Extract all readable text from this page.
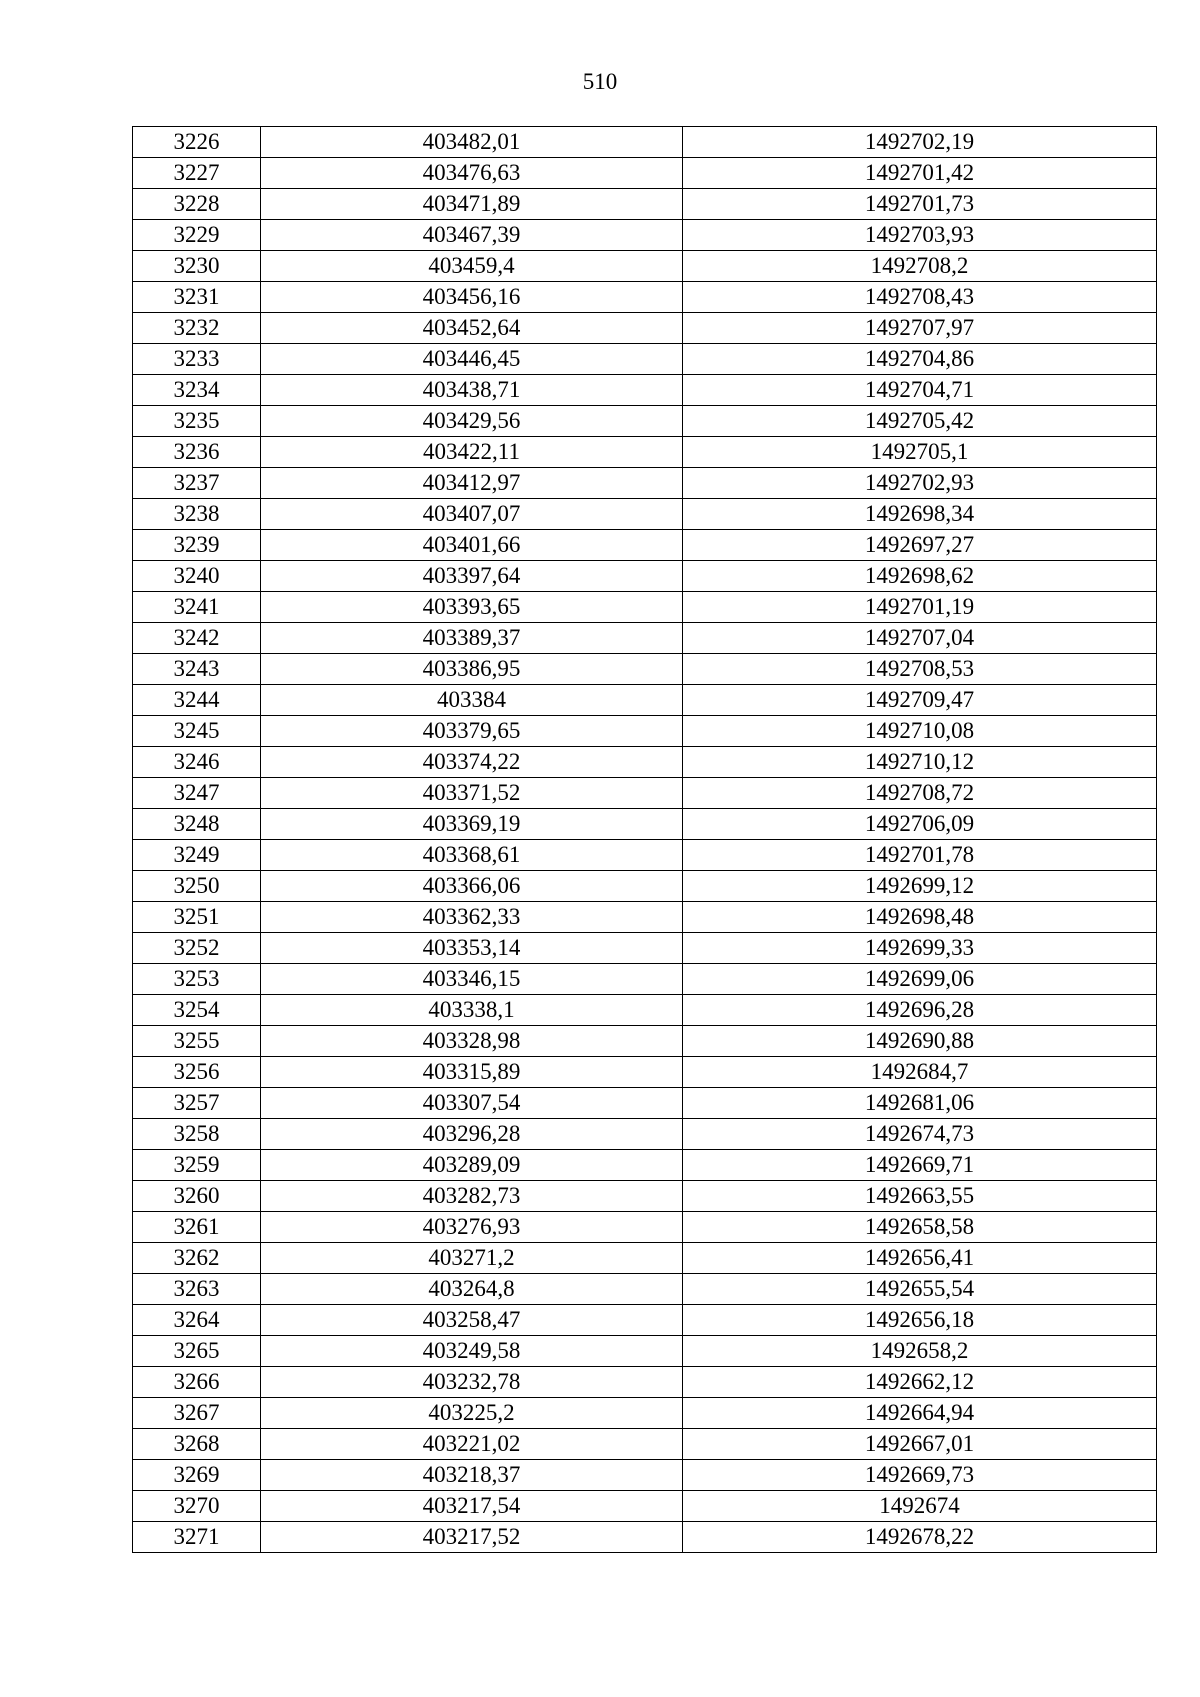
510
3226	403482,01	1492702,19
3227	403476,63	1492701,42
3228	403471,89	1492701,73
3229	403467,39	1492703,93
3230	403459,4	1492708,2
3231	403456,16	1492708,43
3232	403452,64	1492707,97
3233	403446,45	1492704,86
3234	403438,71	1492704,71
3235	403429,56	1492705,42
3236	403422,11	1492705,1
3237	403412,97	1492702,93
3238	403407,07	1492698,34
3239	403401,66	1492697,27
3240	403397,64	1492698,62
3241	403393,65	1492701,19
3242	403389,37	1492707,04
3243	403386,95	1492708,53
3244	403384	1492709,47
3245	403379,65	1492710,08
3246	403374,22	1492710,12
3247	403371,52	1492708,72
3248	403369,19	1492706,09
3249	403368,61	1492701,78
3250	403366,06	1492699,12
3251	403362,33	1492698,48
3252	403353,14	1492699,33
3253	403346,15	1492699,06
3254	403338,1	1492696,28
3255	403328,98	1492690,88
3256	403315,89	1492684,7
3257	403307,54	1492681,06
3258	403296,28	1492674,73
3259	403289,09	1492669,71
3260	403282,73	1492663,55
3261	403276,93	1492658,58
3262	403271,2	1492656,41
3263	403264,8	1492655,54
3264	403258,47	1492656,18
3265	403249,58	1492658,2
3266	403232,78	1492662,12
3267	403225,2	1492664,94
3268	403221,02	1492667,01
3269	403218,37	1492669,73
3270	403217,54	1492674
3271	403217,52	1492678,22
